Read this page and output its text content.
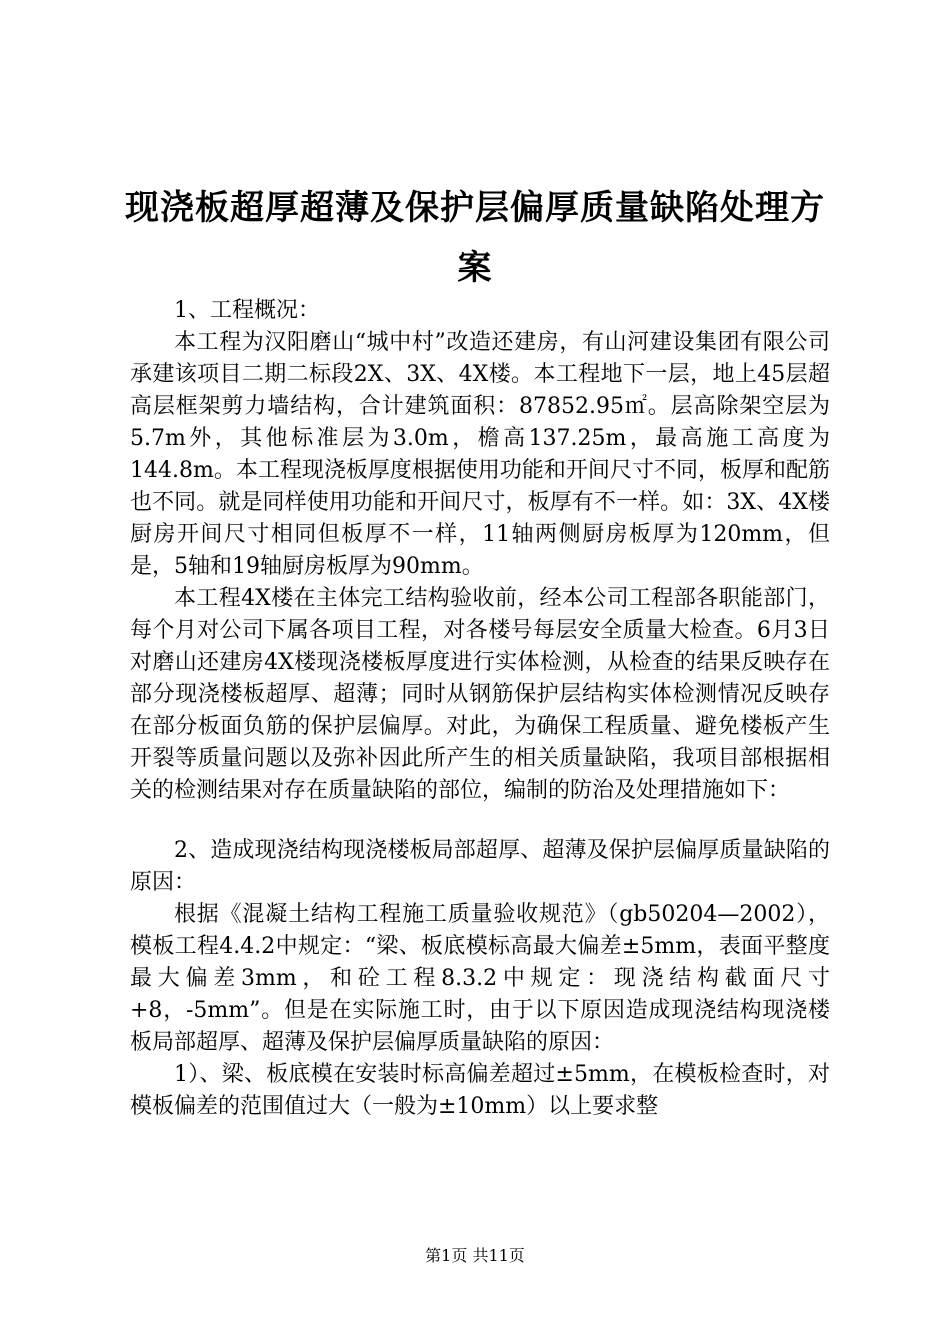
现浇板超厚超薄及保护层偏厚质量缺陷处理方案

1、工程概况：

本工程为汉阳磨山“城中村”改造还建房，有山河建设集团有限公司承建该项目二期二标段2X、3X、4X楼。本工程地下一层，地上45层超高层框架剪力墙结构，合计建筑面积：87852.95㎡。层高除架空层为5.7m外，其他标准层为3.0m，檐高137.25m，最高施工高度为144.8m。本工程现浇板厚度根据使用功能和开间尺寸不同，板厚和配筋也不同。就是同样使用功能和开间尺寸，板厚有不一样。如：3X、4X楼厨房开间尺寸相同但板厚不一样，11轴两侧厨房板厚为120mm，但是，5轴和19轴厨房板厚为90mm。

本工程4X楼在主体完工结构验收前，经本公司工程部各职能部门，每个月对公司下属各项目工程，对各楼号每层安全质量大检查。6月3日对磨山还建房4X楼现浇楼板厚度进行实体检测，从检查的结果反映存在部分现浇楼板超厚、超薄；同时从钢筋保护层结构实体检测情况反映存在部分板面负筋的保护层偏厚。对此，为确保工程质量、避免楼板产生开裂等质量问题以及弥补因此所产生的相关质量缺陷，我项目部根据相关的检测结果对存在质量缺陷的部位，编制的防治及处理措施如下：

2、造成现浇结构现浇楼板局部超厚、超薄及保护层偏厚质量缺陷的原因：

根据《混凝土结构工程施工质量验收规范》（gb50204—2002），模板工程4.4.2中规定：“梁、板底模标高最大偏差±5mm，表面平整度最大偏差3mm，和砼工程8.3.2中规定：现浇结构截面尺寸+8，-5mm”。但是在实际施工时，由于以下原因造成现浇结构现浇楼板局部超厚、超薄及保护层偏厚质量缺陷的原因：

1）、梁、板底模在安装时标高偏差超过±5mm，在模板检查时，对模板偏差的范围值过大（一般为±10mm）以上要求整

第1页 共11页
